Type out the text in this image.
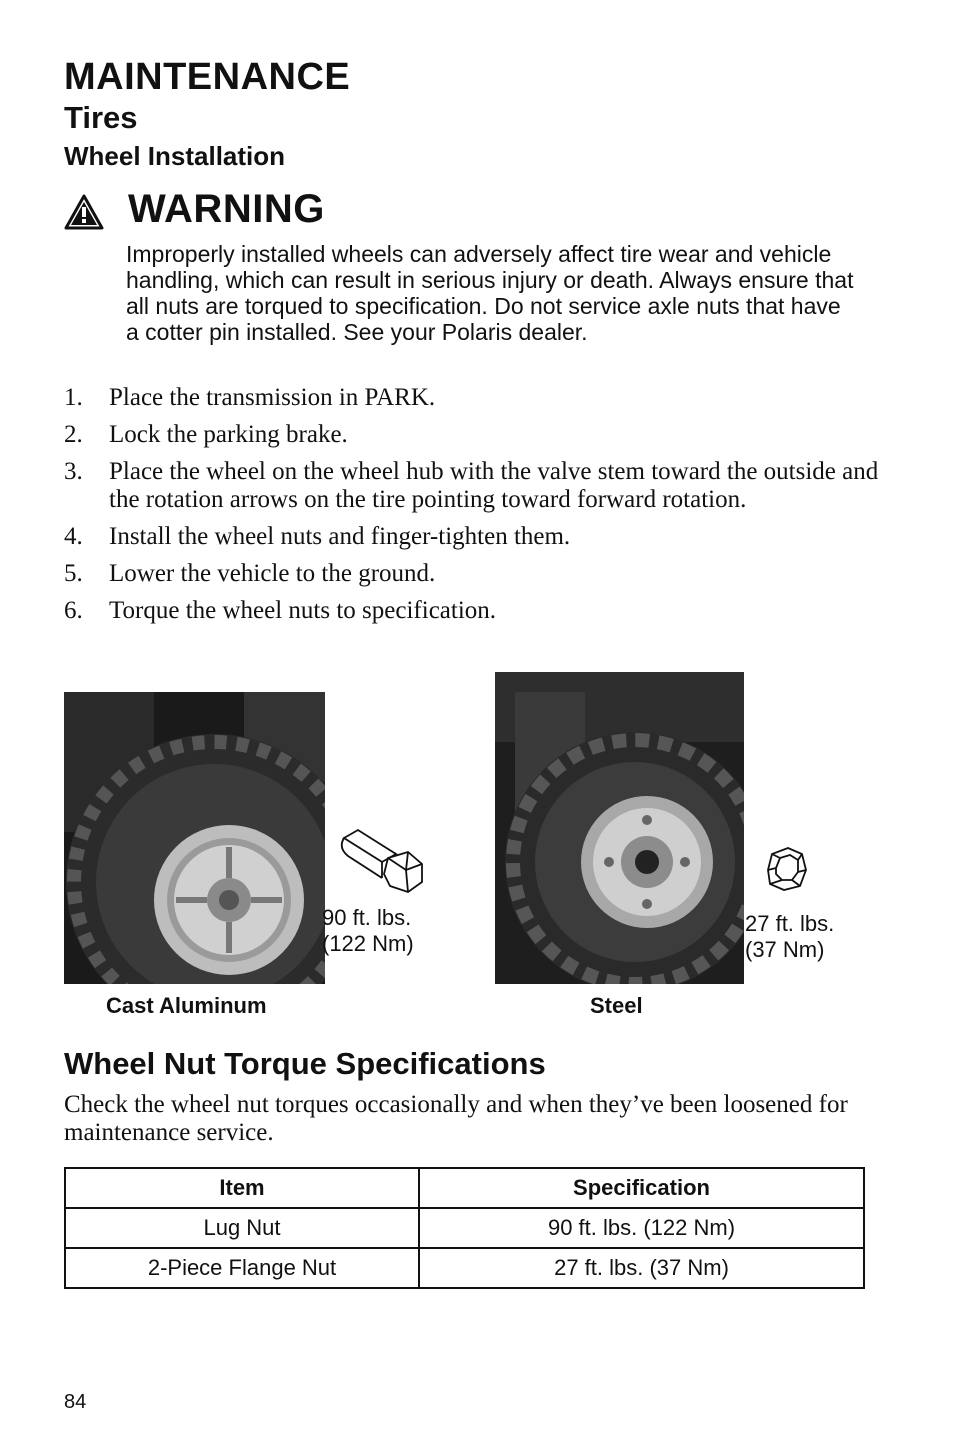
MAINTENANCE
Tires
Wheel Installation
WARNING
Improperly installed wheels can adversely affect tire wear and vehicle handling, which can result in serious injury or death. Always ensure that all nuts are torqued to specification. Do not service axle nuts that have a cotter pin installed. See your Polaris dealer.
1. Place the transmission in PARK.
2. Lock the parking brake.
3. Place the wheel on the wheel hub with the valve stem toward the outside and the rotation arrows on the tire pointing toward forward rotation.
4. Install the wheel nuts and finger-tighten them.
5. Lower the vehicle to the ground.
6. Torque the wheel nuts to specification.
90 ft. lbs.
(122 Nm)
Cast Aluminum
27 ft. lbs.
(37 Nm)
Steel
Wheel Nut Torque Specifications
Check the wheel nut torques occasionally and when they’ve been loosened for maintenance service.
Item	Specification
Lug Nut	90 ft. lbs. (122 Nm)
2-Piece Flange Nut	27 ft. lbs. (37 Nm)
84
